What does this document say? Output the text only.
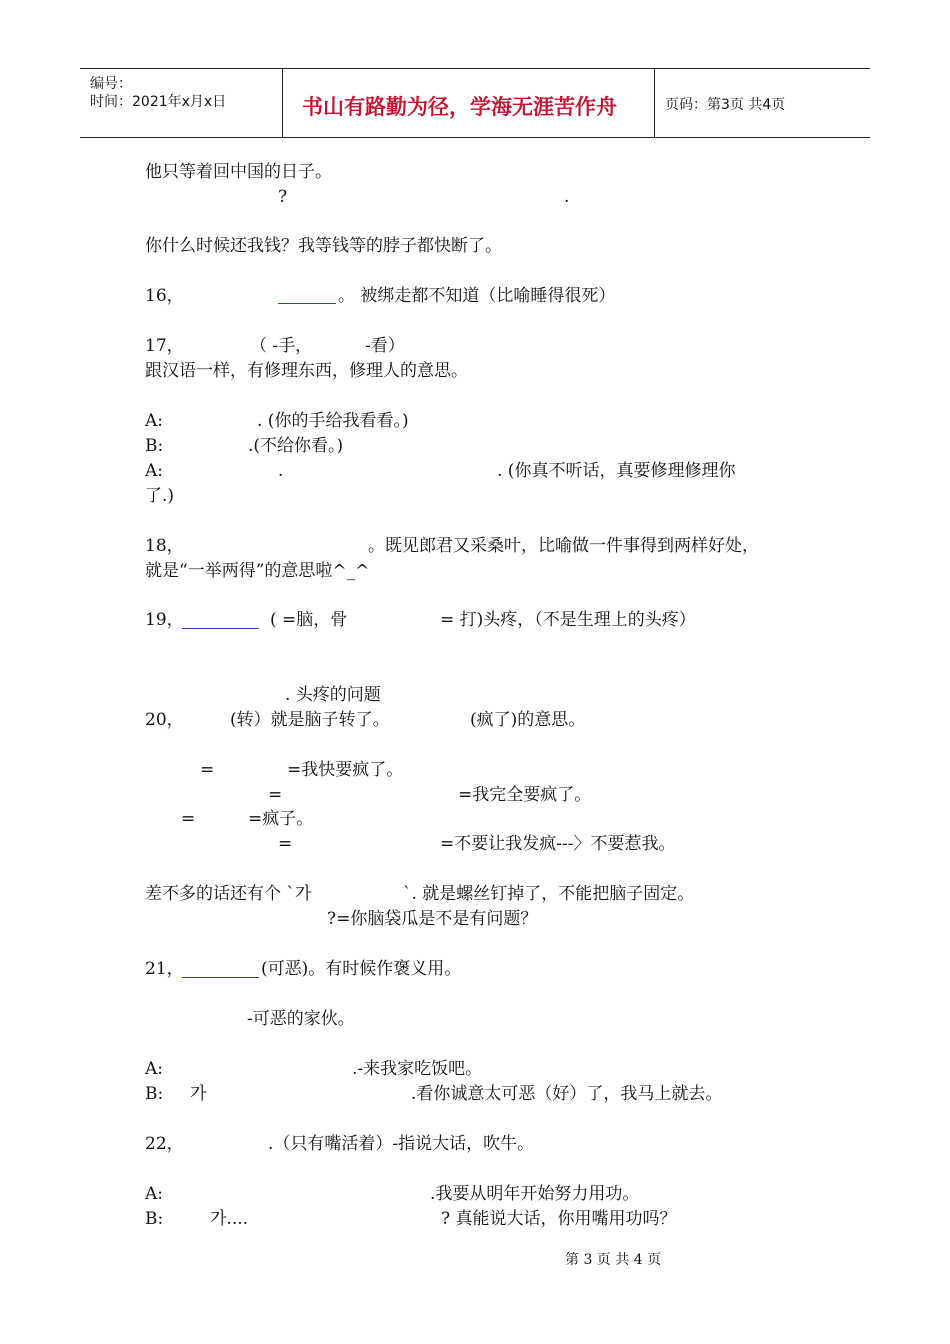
编号：
时间：2021年x月x日	书山有路勤为径，学海无涯苦作舟	页码：第3页 共4页
他只等着回中国的日子。
?	.
你什么时候还我钱？我等钱等的脖子都快断了。
16，	。 被绑走都不知道（比喻睡得很死）
17，	（ -手，	-看）
跟汉语一样，有修理东西，修理人的意思。
A:	. (你的手给我看看。)
B:	.(不给你看。)
A:	.	. (你真不听话，真要修理修理你
了.)
18，	。既见郎君又采桑叶，比喻做一件事得到两样好处，
就是“一举两得”的意思啦^_^
19，	( =脑，骨	= 打)头疼，（不是生理上的头疼）
. 头疼的问题
20，	(转）就是脑子转了。	(疯了)的意思。
=	=我快要疯了。
=	=我完全要疯了。
=	=疯子。
=	=不要让我发疯---〉不要惹我。
差不多的话还有个 `가	`. 就是螺丝钉掉了，不能把脑子固定。
?=你脑袋瓜是不是有问题？
21，	(可恶)。有时候作褒义用。
-可恶的家伙。
A:	.-来我家吃饭吧。
B: 가	.看你诚意太可恶（好）了，我马上就去。
22，	.（只有嘴活着）-指说大话，吹牛。
A:	.我要从明年开始努力用功。
B:	가....	? 真能说大话，你用嘴用功吗？
第 3 页 共 4 页
